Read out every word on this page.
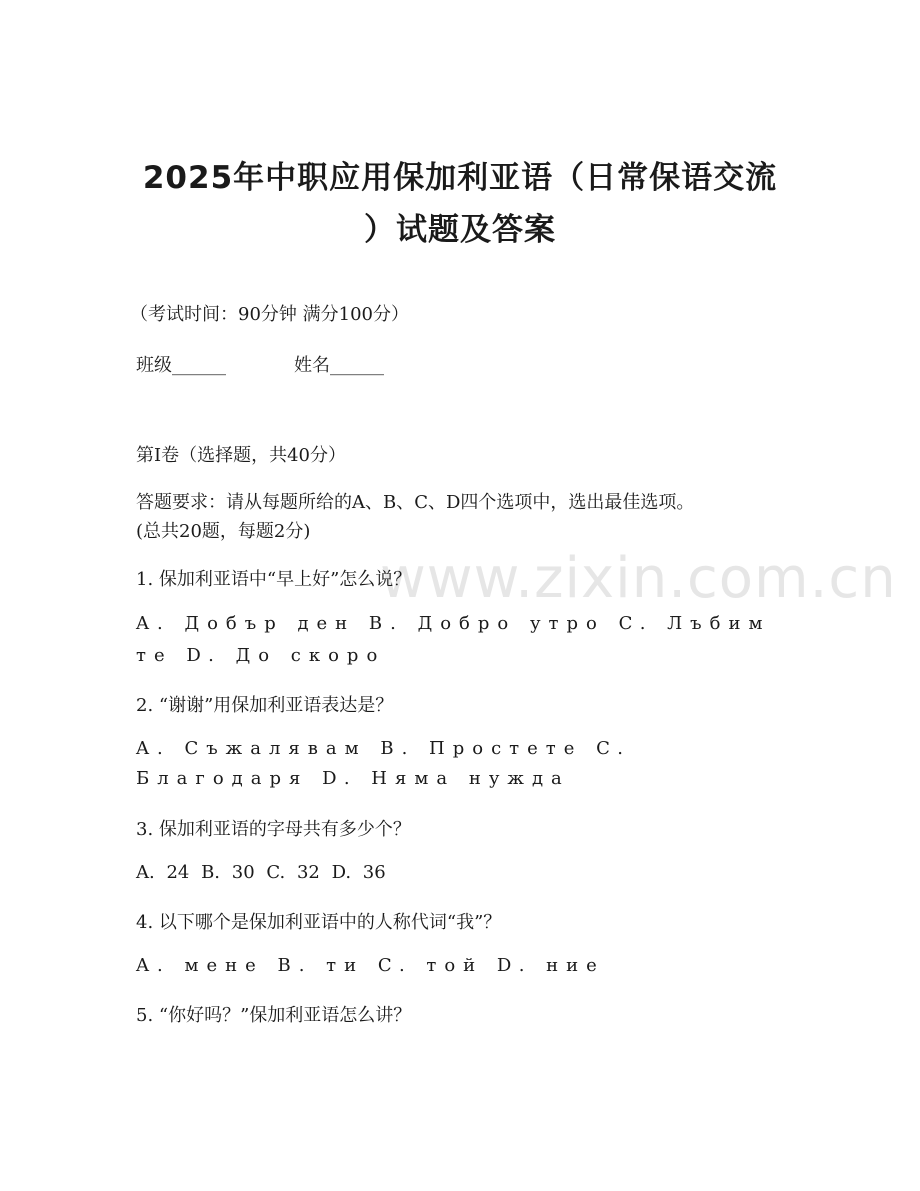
www.zixin.com.cn
2025年中职应用保加利亚语（日常保语交流
）试题及答案
（考试时间：90分钟 满分100分）
班级______	姓名______
第I卷（选择题，共40分）
答题要求：请从每题所给的A、B、C、D四个选项中，选出最佳选项。
(总共20题，每题2分)
1. 保加利亚语中“早上好”怎么说？
A. Добър ден B. Добро утро C. Лъбим
те D. До скоро
2. “谢谢”用保加利亚语表达是？
A. Съжалявам B. Простете C.
Благодаря D. Няма нужда
3. 保加利亚语的字母共有多少个？
A. 24 B. 30 C. 32 D. 36
4. 以下哪个是保加利亚语中的人称代词“我”？
A. мене B. ти C. той D. ние
5. “你好吗？”保加利亚语怎么讲？
